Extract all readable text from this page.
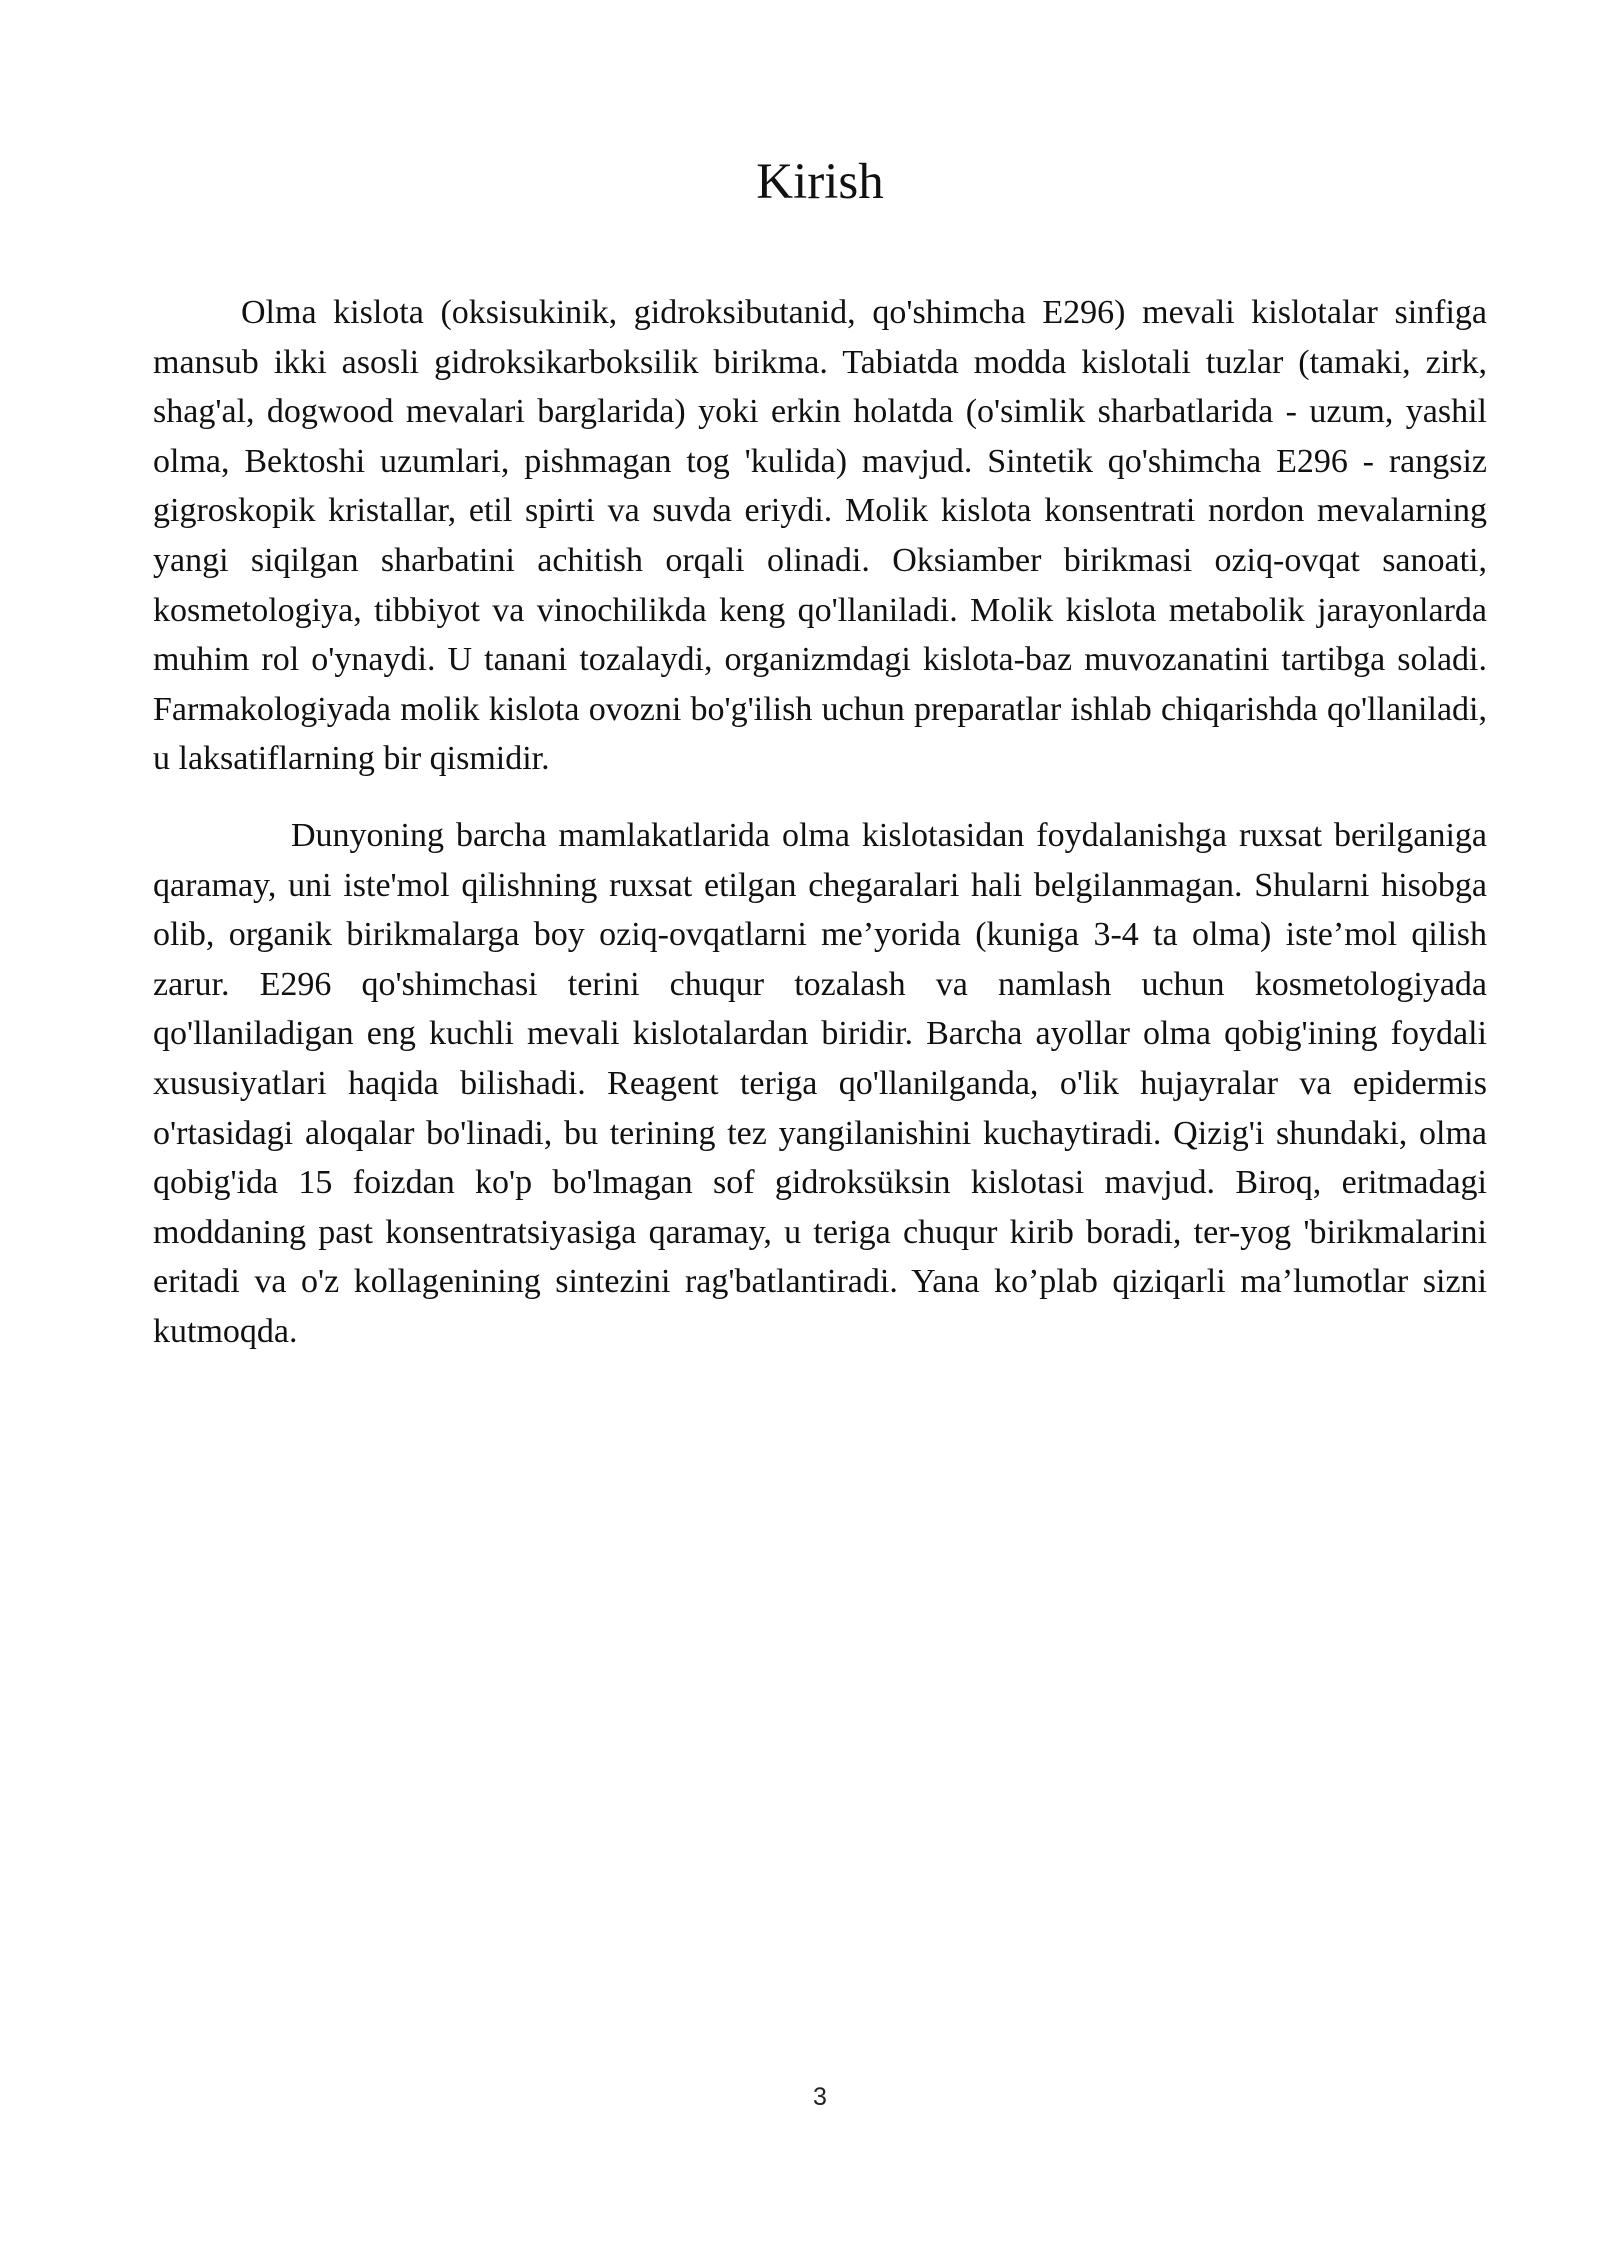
Kirish

Olma kislota (oksisukinik, gidroksibutanid, qo'shimcha E296) mevali kislotalar sinfiga mansub ikki asosli gidroksikarboksilik birikma. Tabiatda modda kislotali tuzlar (tamaki, zirk, shag'al, dogwood mevalari barglarida) yoki erkin holatda (o'simlik sharbatlarida - uzum, yashil olma, Bektoshi uzumlari, pishmagan tog 'kulida) mavjud. Sintetik qo'shimcha E296 - rangsiz gigroskopik kristallar, etil spirti va suvda eriydi. Molik kislota konsentrati nordon mevalarning yangi siqilgan sharbatini achitish orqali olinadi. Oksiamber birikmasi oziq-ovqat sanoati, kosmetologiya, tibbiyot va vinochilikda keng qo'llaniladi. Molik kislota metabolik jarayonlarda muhim rol o'ynaydi. U tanani tozalaydi, organizmdagi kislota-baz muvozanatini tartibga soladi. Farmakologiyada molik kislota ovozni bo'g'ilish uchun preparatlar ishlab chiqarishda qo'llaniladi, u laksatiflarning bir qismidir.

Dunyoning barcha mamlakatlarida olma kislotasidan foydalanishga ruxsat berilganiga qaramay, uni iste'mol qilishning ruxsat etilgan chegaralari hali belgilanmagan. Shularni hisobga olib, organik birikmalarga boy oziq-ovqatlarni me’yorida (kuniga 3-4 ta olma) iste’mol qilish zarur. E296 qo'shimchasi terini chuqur tozalash va namlash uchun kosmetologiyada qo'llaniladigan eng kuchli mevali kislotalardan biridir. Barcha ayollar olma qobig'ining foydali xususiyatlari haqida bilishadi. Reagent teriga qo'llanilganda, o'lik hujayralar va epidermis o'rtasidagi aloqalar bo'linadi, bu terining tez yangilanishini kuchaytiradi. Qizig'i shundaki, olma qobig'ida 15 foizdan ko'p bo'lmagan sof gidroksüksin kislotasi mavjud. Biroq, eritmadagi moddaning past konsentratsiyasiga qaramay, u teriga chuqur kirib boradi, ter-yog 'birikmalarini eritadi va o'z kollagenining sintezini rag'batlantiradi. Yana ko’plab qiziqarli ma’lumotlar sizni kutmoqda.

3
